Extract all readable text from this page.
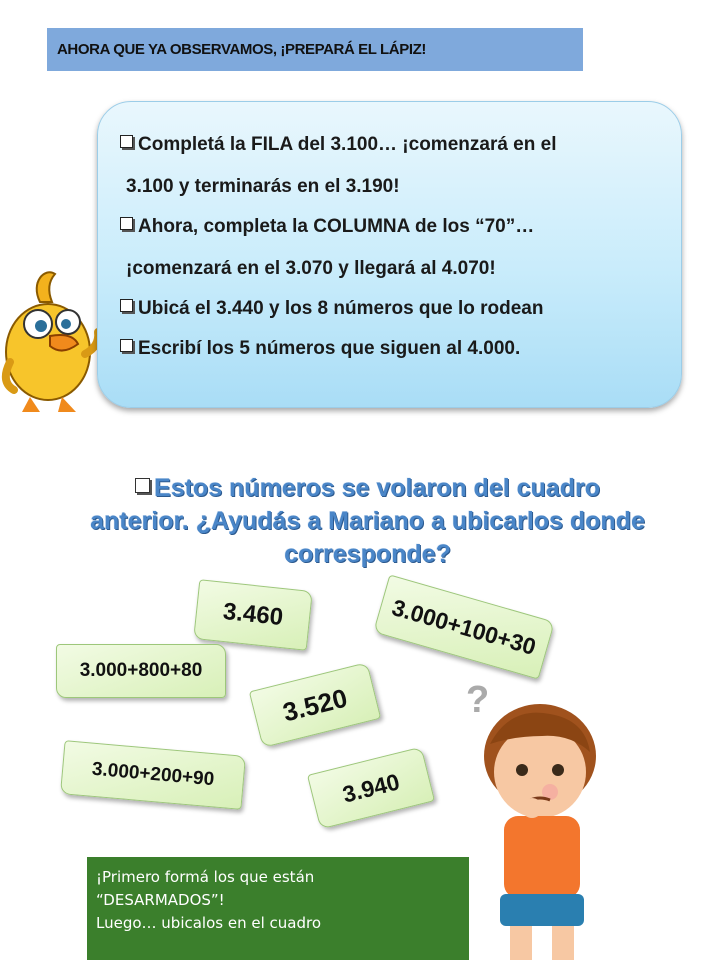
AHORA QUE YA OBSERVAMOS, ¡PREPARÁ EL LÁPIZ!
Completá la FILA del 3.100… ¡comenzará en el
3.100 y terminarás en el 3.190!
Ahora, completa la COLUMNA de los “70”…
¡comenzará en el 3.070 y llegará al 4.070!
Ubicá el 3.440 y los 8 números que lo rodean
Escribí los 5 números que siguen al 4.000.
Estos números se volaron del cuadro
anterior. ¿Ayudás a Mariano a ubicarlos donde
corresponde?
3.460	3.000+100+30
3.000+800+80
3.520
3.000+200+90	3.940
?
¡Primero formá los que están
“DESARMADOS”!
Luego… ubicalos en el cuadro
